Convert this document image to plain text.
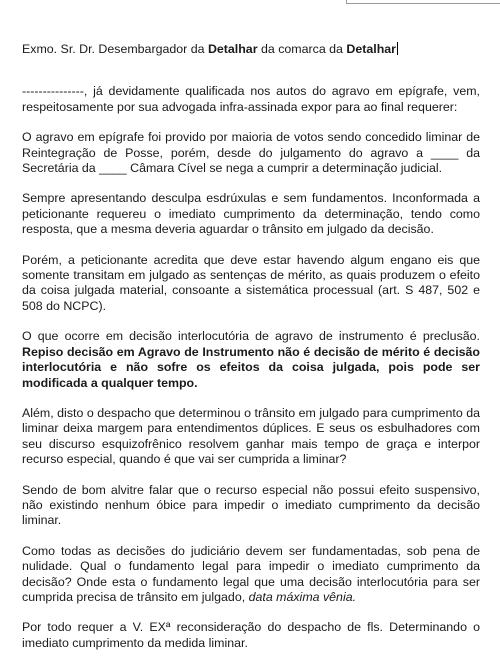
Exmo. Sr. Dr. Desembargador da Detalhar da comarca da Detalhar

---------------, já devidamente qualificada nos autos do agravo em epígrafe, vem, respeitosamente por sua advogada infra-assinada expor para ao final requerer:

O agravo em epígrafe foi provido por maioria de votos sendo concedido liminar de Reintegração de Posse, porém, desde do julgamento do agravo a ____ da Secretária da ____ Câmara Cível se nega a cumprir a determinação judicial.

Sempre apresentando desculpa esdrúxulas e sem fundamentos. Inconformada a peticionante requereu o imediato cumprimento da determinação, tendo como resposta, que a mesma deveria aguardar o trânsito em julgado da decisão.

Porém, a peticionante acredita que deve estar havendo algum engano eis que somente transitam em julgado as sentenças de mérito, as quais produzem o efeito da coisa julgada material, consoante a sistemática processual (art. S 487, 502 e 508 do NCPC).

O que ocorre em decisão interlocutória de agravo de instrumento é preclusão. Repiso decisão em Agravo de Instrumento não é decisão de mérito é decisão interlocutória e não sofre os efeitos da coisa julgada, pois pode ser modificada a qualquer tempo.

Além, disto o despacho que determinou o trânsito em julgado para cumprimento da liminar deixa margem para entendimentos dúplices. E seus os esbulhadores com seu discurso esquizofrênico resolvem ganhar mais tempo de graça e interpor recurso especial, quando é que vai ser cumprida a liminar?

Sendo de bom alvitre falar que o recurso especial não possui efeito suspensivo, não existindo nenhum óbice para impedir o imediato cumprimento da decisão liminar.

Como todas as decisões do judiciário devem ser fundamentadas, sob pena de nulidade. Qual o fundamento legal para impedir o imediato cumprimento da decisão? Onde esta o fundamento legal que uma decisão interlocutória para ser cumprida precisa de trânsito em julgado, data máxima vênia.

Por todo requer a V. EXª reconsideração do despacho de fls. Determinando o imediato cumprimento da medida liminar.
